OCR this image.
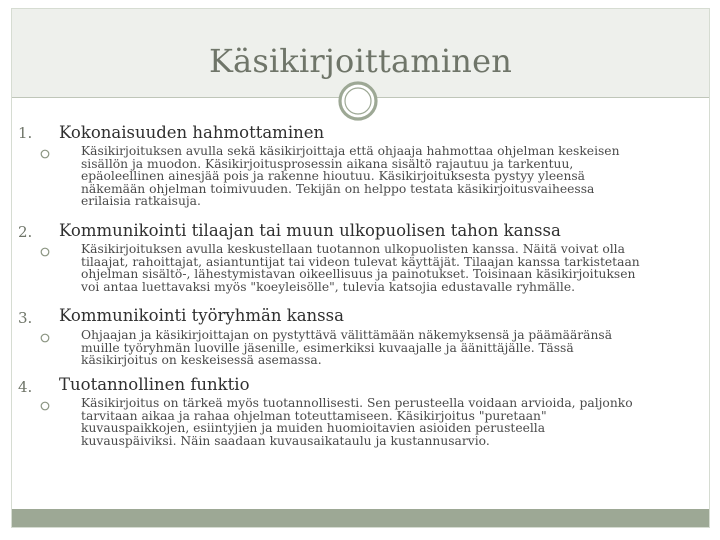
Käsikirjoittaminen
1. Kokonaisuuden hahmottaminen
Käsikirjoituksen avulla sekä käsikirjoittaja että ohjaaja hahmottaa ohjelman keskeisen
sisällön ja muodon. Käsikirjoitusprosessin aikana sisältö rajautuu ja tarkentuu,
epäoleellinen ainesjää pois ja rakenne hioutuu. Käsikirjoituksesta pystyy yleensä
näkemään ohjelman toimivuuden. Tekijän on helppo testata käsikirjoitusvaiheessa
erilaisia ratkaisuja.
2. Kommunikointi tilaajan tai muun ulkopuolisen tahon kanssa
Käsikirjoituksen avulla keskustellaan tuotannon ulkopuolisten kanssa. Näitä voivat olla
tilaajat, rahoittajat, asiantuntijat tai videon tulevat käyttäjät. Tilaajan kanssa tarkistetaan
ohjelman sisältö-, lähestymistavan oikeellisuus ja painotukset. Toisinaan käsikirjoituksen
voi antaa luettavaksi myös "koeyleisölle", tulevia katsojia edustavalle ryhmälle.
3. Kommunikointi työryhmän kanssa
Ohjaajan ja käsikirjoittajan on pystyttävä välittämään näkemyksensä ja päämääränsä
muille työryhmän luoville jäsenille, esimerkiksi kuvaajalle ja äänittäjälle. Tässä
käsikirjoitus on keskeisessä asemassa.
4. Tuotannollinen funktio
Käsikirjoitus on tärkeä myös tuotannollisesti. Sen perusteella voidaan arvioida, paljonko
tarvitaan aikaa ja rahaa ohjelman toteuttamiseen. Käsikirjoitus "puretaan"
kuvauspaikkojen, esiintyjien ja muiden huomioitavien asioiden perusteella
kuvauspäiviksi. Näin saadaan kuvausaikataulu ja kustannusarvio.
